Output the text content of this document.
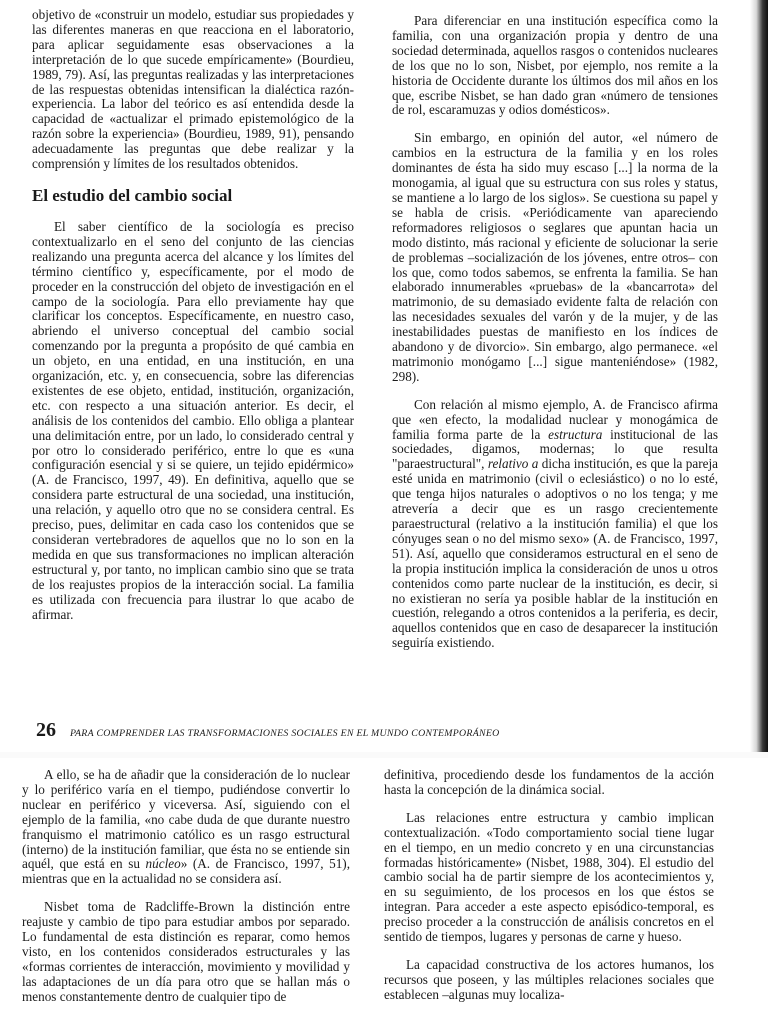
objetivo de «construir un modelo, estudiar sus propiedades y las diferentes maneras en que reacciona en el laboratorio, para aplicar seguidamente esas observaciones a la interpretación de lo que sucede empíricamente» (Bourdieu, 1989, 79). Así, las preguntas realizadas y las interpretaciones de las respuestas obtenidas intensifican la dialéctica razón-experiencia. La labor del teórico es así entendida desde la capacidad de «actualizar el primado epistemológico de la razón sobre la experiencia» (Bourdieu, 1989, 91), pensando adecuadamente las preguntas que debe realizar y la comprensión y límites de los resultados obtenidos.

El estudio del cambio social

El saber científico de la sociología es preciso contextualizarlo en el seno del conjunto de las ciencias realizando una pregunta acerca del alcance y los límites del término científico y, específicamente, por el modo de proceder en la construcción del objeto de investigación en el campo de la sociología. Para ello previamente hay que clarificar los conceptos. Específicamente, en nuestro caso, abriendo el universo conceptual del cambio social comenzando por la pregunta a propósito de qué cambia en un objeto, en una entidad, en una institución, en una organización, etc. y, en consecuencia, sobre las diferencias existentes de ese objeto, entidad, institución, organización, etc. con respecto a una situación anterior. Es decir, el análisis de los contenidos del cambio. Ello obliga a plantear una delimitación entre, por un lado, lo considerado central y por otro lo considerado periférico, entre lo que es «una configuración esencial y si se quiere, un tejido epidérmico» (A. de Francisco, 1997, 49). En definitiva, aquello que se considera parte estructural de una sociedad, una institución, una relación, y aquello otro que no se considera central. Es preciso, pues, delimitar en cada caso los contenidos que se consideran vertebradores de aquellos que no lo son en la medida en que sus transformaciones no implican alteración estructural y, por tanto, no implican cambio sino que se trata de los reajustes propios de la interacción social. La familia es utilizada con frecuencia para ilustrar lo que acabo de afirmar.

Para diferenciar en una institución específica como la familia, con una organización propia y dentro de una sociedad determinada, aquellos rasgos o contenidos nucleares de los que no lo son, Nisbet, por ejemplo, nos remite a la historia de Occidente durante los últimos dos mil años en los que, escribe Nisbet, se han dado gran «número de tensiones de rol, escaramuzas y odios domésticos».

Sin embargo, en opinión del autor, «el número de cambios en la estructura de la familia y en los roles dominantes de ésta ha sido muy escaso [...] la norma de la monogamia, al igual que su estructura con sus roles y status, se mantiene a lo largo de los siglos». Se cuestiona su papel y se habla de crisis. «Periódicamente van apareciendo reformadores religiosos o seglares que apuntan hacia un modo distinto, más racional y eficiente de solucionar la serie de problemas –socialización de los jóvenes, entre otros– con los que, como todos sabemos, se enfrenta la familia. Se han elaborado innumerables «pruebas» de la «bancarrota» del matrimonio, de su demasiado evidente falta de relación con las necesidades sexuales del varón y de la mujer, y de las inestabilidades puestas de manifiesto en los índices de abandono y de divorcio». Sin embargo, algo permanece. «el matrimonio monógamo [...] sigue manteniéndose» (1982, 298).

Con relación al mismo ejemplo, A. de Francisco afirma que «en efecto, la modalidad nuclear y monogámica de familia forma parte de la estructura institucional de las sociedades, digamos, modernas; lo que resulta "paraestructural", relativo a dicha institución, es que la pareja esté unida en matrimonio (civil o eclesiástico) o no lo esté, que tenga hijos naturales o adoptivos o no los tenga; y me atrevería a decir que es un rasgo crecientemente paraestructural (relativo a la institución familia) el que los cónyuges sean o no del mismo sexo» (A. de Francisco, 1997, 51). Así, aquello que consideramos estructural en el seno de la propia institución implica la consideración de unos u otros contenidos como parte nuclear de la institución, es decir, si no existieran no sería ya posible hablar de la institución en cuestión, relegando a otros contenidos a la periferia, es decir, aquellos contenidos que en caso de desaparecer la institución seguiría existiendo.

26 PARA COMPRENDER LAS TRANSFORMACIONES SOCIALES EN EL MUNDO CONTEMPORÁNEO

A ello, se ha de añadir que la consideración de lo nuclear y lo periférico varía en el tiempo, pudiéndose convertir lo nuclear en periférico y viceversa. Así, siguiendo con el ejemplo de la familia, «no cabe duda de que durante nuestro franquismo el matrimonio católico es un rasgo estructural (interno) de la institución familiar, que ésta no se entiende sin aquél, que está en su núcleo» (A. de Francisco, 1997, 51), mientras que en la actualidad no se considera así.

Nisbet toma de Radcliffe-Brown la distinción entre reajuste y cambio de tipo para estudiar ambos por separado. Lo fundamental de esta distinción es reparar, como hemos visto, en los contenidos considerados estructurales y las «formas corrientes de interacción, movimiento y movilidad y las adaptaciones de un día para otro que se hallan más o menos constantemente dentro de cualquier tipo de

definitiva, procediendo desde los fundamentos de la acción hasta la concepción de la dinámica social.

Las relaciones entre estructura y cambio implican contextualización. «Todo comportamiento social tiene lugar en el tiempo, en un medio concreto y en una circunstancias formadas históricamente» (Nisbet, 1988, 304). El estudio del cambio social ha de partir siempre de los acontecimientos y, en su seguimiento, de los procesos en los que éstos se integran. Para acceder a este aspecto episódico-temporal, es preciso proceder a la construcción de análisis concretos en el sentido de tiempos, lugares y personas de carne y hueso.

La capacidad constructiva de los actores humanos, los recursos que poseen, y las múltiples relaciones sociales que establecen –algunas muy localiza-
